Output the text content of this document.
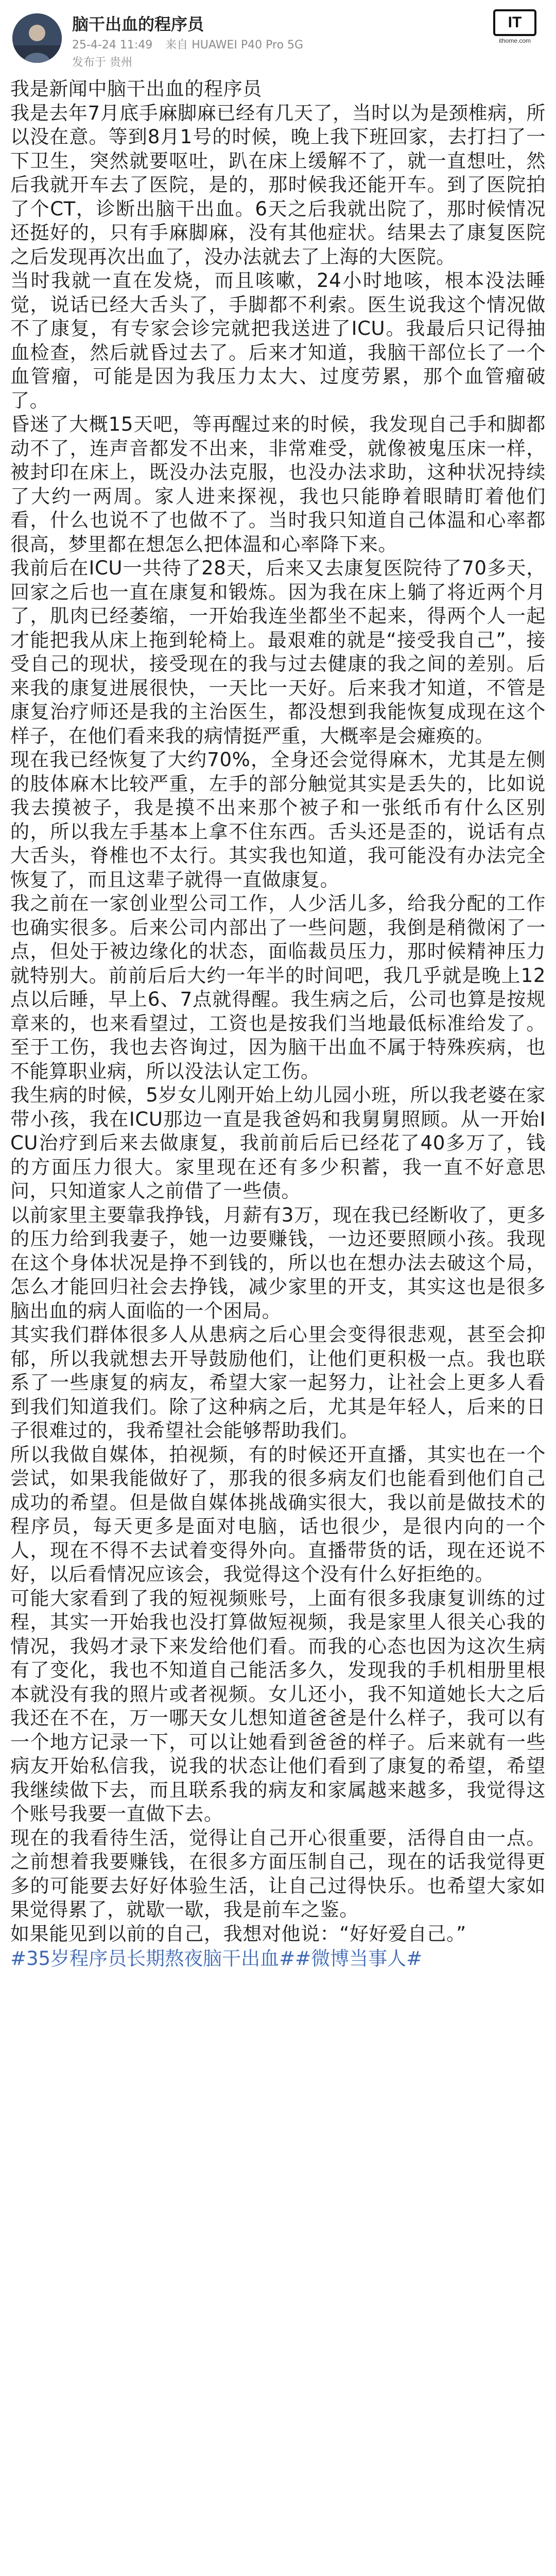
脑干出血的程序员
25-4-24 11:49 来自 HUAWEI P40 Pro 5G
发布于 贵州
IT
ithome.com

我是新闻中脑干出血的程序员

我是去年7月底手麻脚麻已经有几天了，当时以为是颈椎病，所以没在意。等到8月1号的时候，晚上我下班回家，去打扫了一下卫生，突然就要呕吐，趴在床上缓解不了，就一直想吐，然后我就开车去了医院，是的，那时候我还能开车。到了医院拍了个CT，诊断出脑干出血。6天之后我就出院了，那时候情况还挺好的，只有手麻脚麻，没有其他症状。结果去了康复医院之后发现再次出血了，没办法就去了上海的大医院。

当时我就一直在发烧，而且咳嗽，24小时地咳，根本没法睡觉，说话已经大舌头了，手脚都不利索。医生说我这个情况做不了康复，有专家会诊完就把我送进了ICU。我最后只记得抽血检查，然后就昏过去了。后来才知道，我脑干部位长了一个血管瘤，可能是因为我压力太大、过度劳累，那个血管瘤破了。

昏迷了大概15天吧，等再醒过来的时候，我发现自己手和脚都动不了，连声音都发不出来，非常难受，就像被鬼压床一样，被封印在床上，既没办法克服，也没办法求助，这种状况持续了大约一两周。家人进来探视，我也只能睁着眼睛盯着他们看，什么也说不了也做不了。当时我只知道自己体温和心率都很高，梦里都在想怎么把体温和心率降下来。

我前后在ICU一共待了28天，后来又去康复医院待了70多天，回家之后也一直在康复和锻炼。因为我在床上躺了将近两个月了，肌肉已经萎缩，一开始我连坐都坐不起来，得两个人一起才能把我从床上拖到轮椅上。最艰难的就是“接受我自己”，接受自己的现状，接受现在的我与过去健康的我之间的差别。后来我的康复进展很快，一天比一天好。后来我才知道，不管是康复治疗师还是我的主治医生，都没想到我能恢复成现在这个样子，在他们看来我的病情挺严重，大概率是会瘫痪的。

现在我已经恢复了大约70%，全身还会觉得麻木，尤其是左侧的肢体麻木比较严重，左手的部分触觉其实是丢失的，比如说我去摸被子，我是摸不出来那个被子和一张纸币有什么区别的，所以我左手基本上拿不住东西。舌头还是歪的，说话有点大舌头，脊椎也不太行。其实我也知道，我可能没有办法完全恢复了，而且这辈子就得一直做康复。

我之前在一家创业型公司工作，人少活儿多，给我分配的工作也确实很多。后来公司内部出了一些问题，我倒是稍微闲了一点，但处于被边缘化的状态，面临裁员压力，那时候精神压力就特别大。前前后后大约一年半的时间吧，我几乎就是晚上12点以后睡，早上6、7点就得醒。我生病之后，公司也算是按规章来的，也来看望过，工资也是按我们当地最低标准给发了。至于工伤，我也去咨询过，因为脑干出血不属于特殊疾病，也不能算职业病，所以没法认定工伤。

我生病的时候，5岁女儿刚开始上幼儿园小班，所以我老婆在家带小孩，我在ICU那边一直是我爸妈和我舅舅照顾。从一开始ICU治疗到后来去做康复，我前前后后已经花了40多万了，钱的方面压力很大。家里现在还有多少积蓄，我一直不好意思问，只知道家人之前借了一些债。

以前家里主要靠我挣钱，月薪有3万，现在我已经断收了，更多的压力给到我妻子，她一边要赚钱，一边还要照顾小孩。我现在这个身体状况是挣不到钱的，所以也在想办法去破这个局，怎么才能回归社会去挣钱，减少家里的开支，其实这也是很多脑出血的病人面临的一个困局。

其实我们群体很多人从患病之后心里会变得很悲观，甚至会抑郁，所以我就想去开导鼓励他们，让他们更积极一点。我也联系了一些康复的病友，希望大家一起努力，让社会上更多人看到我们知道我们。除了这种病之后，尤其是年轻人，后来的日子很难过的，我希望社会能够帮助我们。

所以我做自媒体，拍视频，有的时候还开直播，其实也在一个尝试，如果我能做好了，那我的很多病友们也能看到他们自己成功的希望。但是做自媒体挑战确实很大，我以前是做技术的程序员，每天更多是面对电脑，话也很少，是很内向的一个人，现在不得不去试着变得外向。直播带货的话，现在还说不好，以后看情况应该会，我觉得这个没有什么好拒绝的。

可能大家看到了我的短视频账号，上面有很多我康复训练的过程，其实一开始我也没打算做短视频，我是家里人很关心我的情况，我妈才录下来发给他们看。而我的心态也因为这次生病有了变化，我也不知道自己能活多久，发现我的手机相册里根本就没有我的照片或者视频。女儿还小，我不知道她长大之后我还在不在，万一哪天女儿想知道爸爸是什么样子，我可以有一个地方记录一下，可以让她看到爸爸的样子。后来就有一些病友开始私信我，说我的状态让他们看到了康复的希望，希望我继续做下去，而且联系我的病友和家属越来越多，我觉得这个账号我要一直做下去。

现在的我看待生活，觉得让自己开心很重要，活得自由一点。之前想着我要赚钱，在很多方面压制自己，现在的话我觉得更多的可能要去好好体验生活，让自己过得快乐。也希望大家如果觉得累了，就歇一歇，我是前车之鉴。

如果能见到以前的自己，我想对他说：“好好爱自己。”

#35岁程序员长期熬夜脑干出血##微博当事人#
